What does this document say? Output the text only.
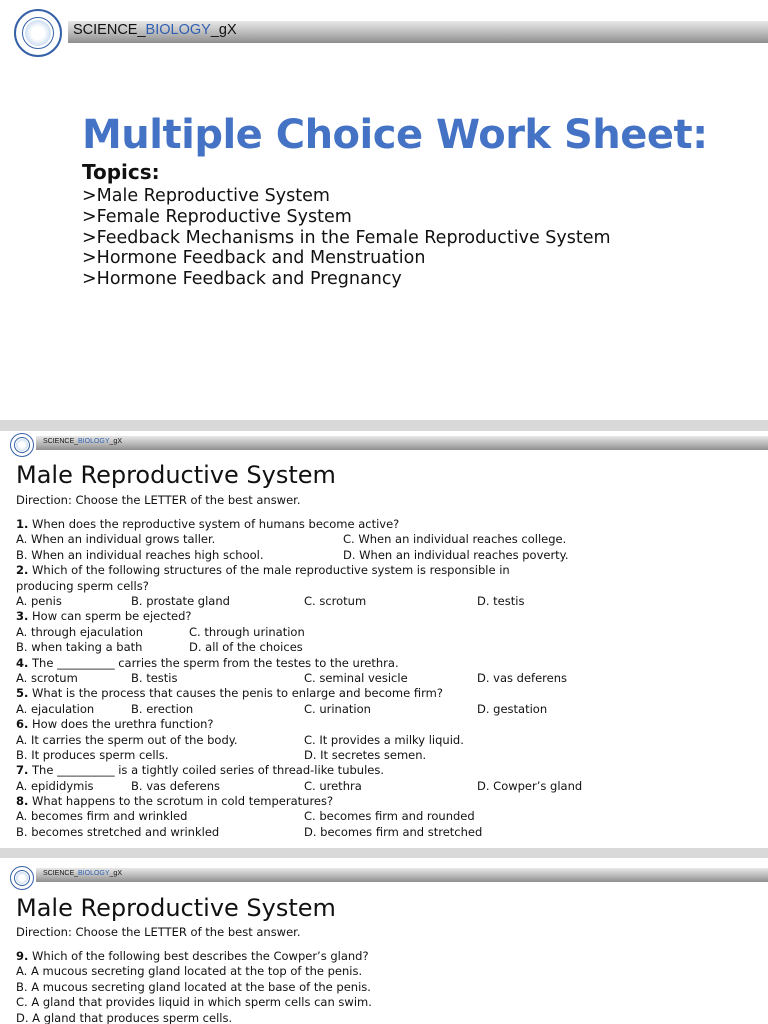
SCIENCE_BIOLOGY_gX
Multiple Choice Work Sheet:
Topics:
>Male Reproductive System
>Female Reproductive System
>Feedback Mechanisms in the Female Reproductive System
>Hormone Feedback and Menstruation
>Hormone Feedback and Pregnancy
SCIENCE_BIOLOGY_gX
Male Reproductive System
Direction: Choose the LETTER of the best answer.
1. When does the reproductive system of humans become active?
A. When an individual grows taller.	C. When an individual reaches college.
B. When an individual reaches high school.	D. When an individual reaches poverty.
2. Which of the following structures of the male reproductive system is responsible in producing sperm cells?
A. penis	B. prostate gland	C. scrotum	D. testis
3. How can sperm be ejected?
A. through ejaculation	C. through urination
B. when taking a bath	D. all of the choices
4. The __________ carries the sperm from the testes to the urethra.
A. scrotum	B. testis	C. seminal vesicle	D. vas deferens
5. What is the process that causes the penis to enlarge and become firm?
A. ejaculation	B. erection	C. urination	D. gestation
6. How does the urethra function?
A. It carries the sperm out of the body.	C. It provides a milky liquid.
B. It produces sperm cells.	D. It secretes semen.
7. The __________ is a tightly coiled series of thread-like tubules.
A. epididymis	B. vas deferens	C. urethra	D. Cowper’s gland
8. What happens to the scrotum in cold temperatures?
A. becomes firm and wrinkled	C. becomes firm and rounded
B. becomes stretched and wrinkled	D. becomes firm and stretched
SCIENCE_BIOLOGY_gX
Male Reproductive System
Direction: Choose the LETTER of the best answer.
9. Which of the following best describes the Cowper’s gland?
A. A mucous secreting gland located at the top of the penis.
B. A mucous secreting gland located at the base of the penis.
C. A gland that provides liquid in which sperm cells can swim.
D. A gland that produces sperm cells.
